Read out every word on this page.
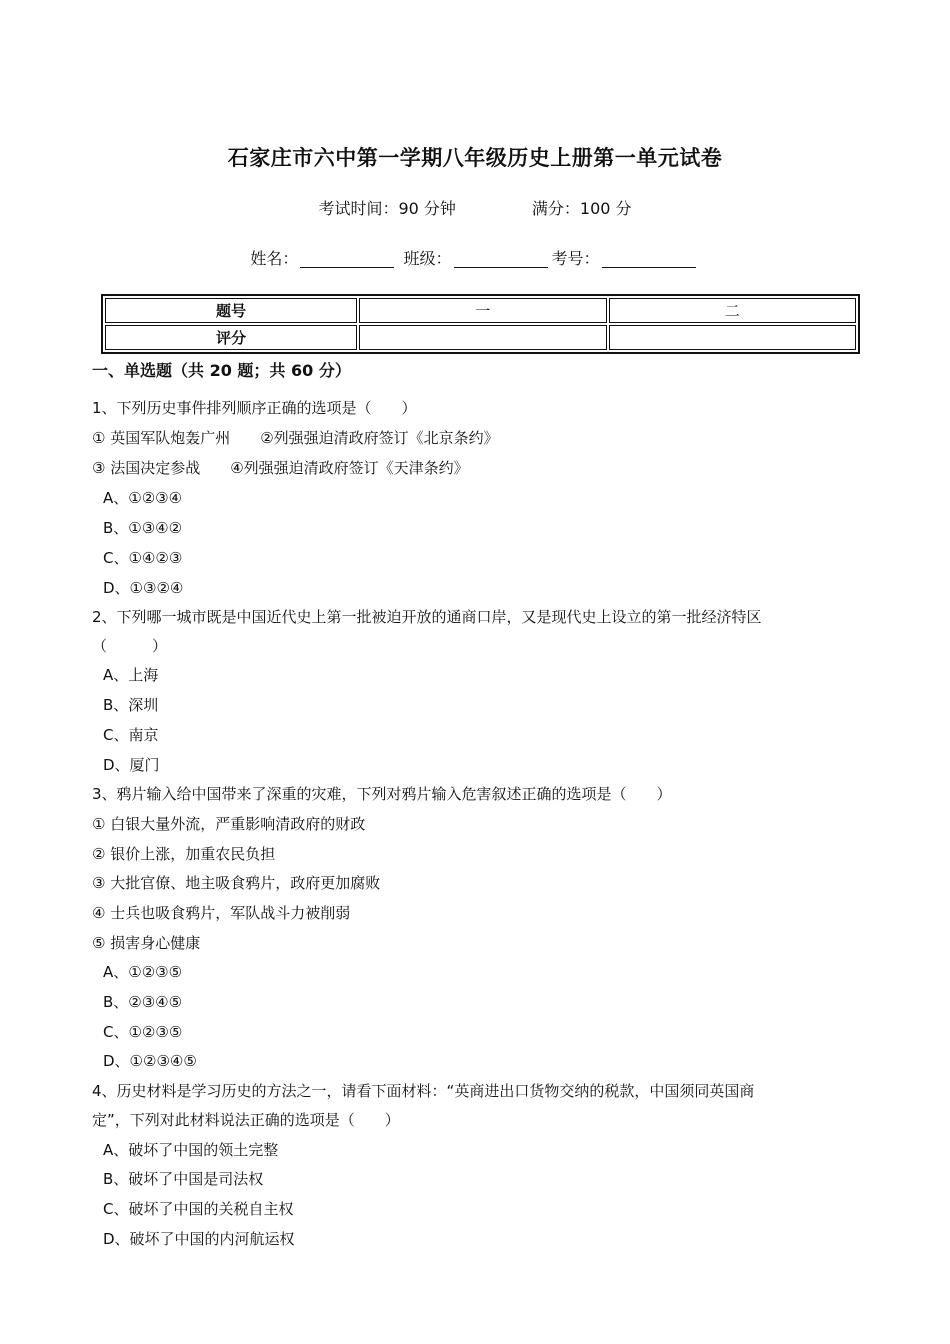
石家庄市六中第一学期八年级历史上册第一单元试卷
考试时间：90 分钟	满分：100 分
姓名：	班级：	考号：
题号	一	二
评分		
一、单选题（共 20 题；共 60 分）
1、下列历史事件排列顺序正确的选项是（　　）
① 英国军队炮轰广州　　②列强强迫清政府签订《北京条约》
③ 法国决定参战　　④列强强迫清政府签订《天津条约》
A、①②③④
B、①③④②
C、①④②③
D、①③②④
2、下列哪一城市既是中国近代史上第一批被迫开放的通商口岸，又是现代史上设立的第一批经济特区
（　　　）
A、上海
B、深圳
C、南京
D、厦门
3、鸦片输入给中国带来了深重的灾难，下列对鸦片输入危害叙述正确的选项是（　　）
① 白银大量外流，严重影响清政府的财政
② 银价上涨，加重农民负担
③ 大批官僚、地主吸食鸦片，政府更加腐败
④ 士兵也吸食鸦片，军队战斗力被削弱
⑤ 损害身心健康
A、①②③⑤
B、②③④⑤
C、①②③⑤
D、①②③④⑤
4、历史材料是学习历史的方法之一，请看下面材料：“英商进出口货物交纳的税款，中国须同英国商
定”，下列对此材料说法正确的选项是（　　）
A、破坏了中国的领土完整
B、破坏了中国是司法权
C、破坏了中国的关税自主权
D、破坏了中国的内河航运权
